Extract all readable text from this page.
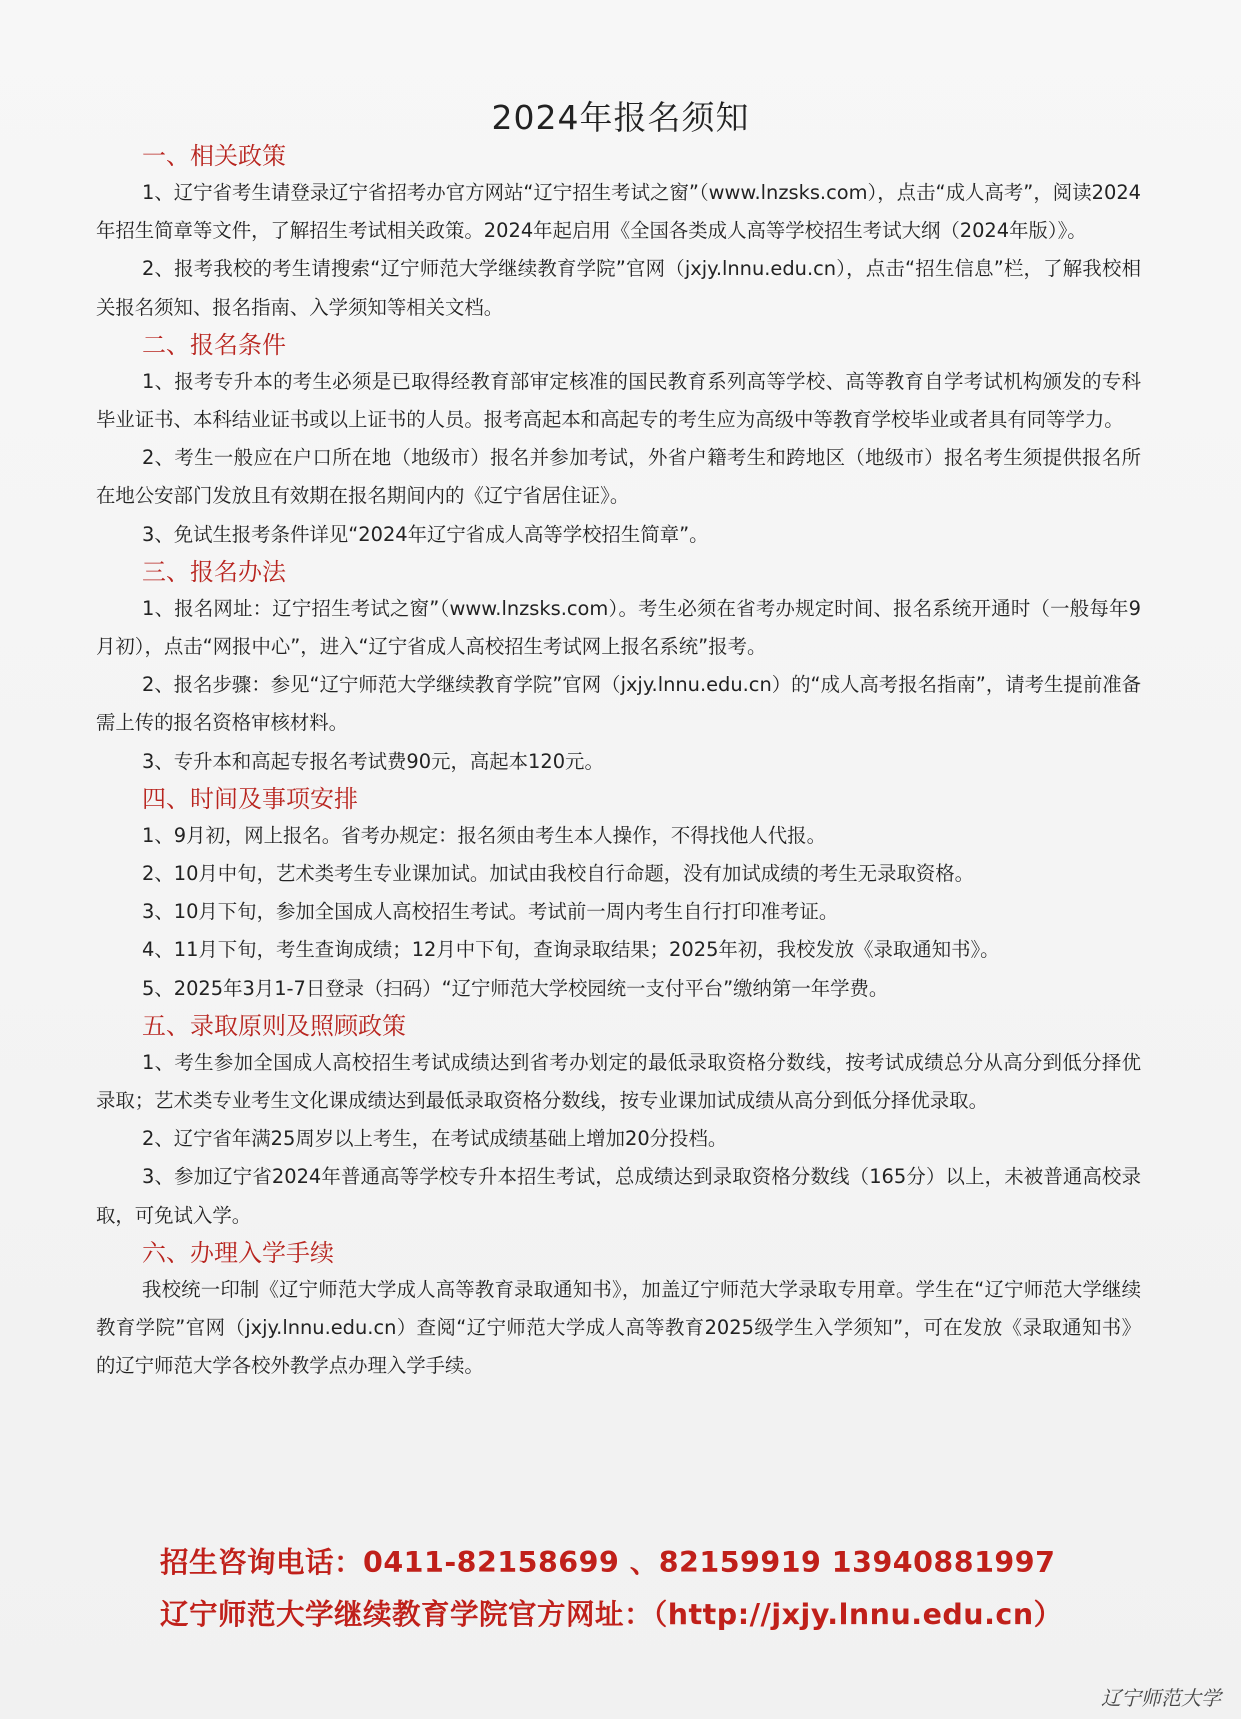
2024年报名须知
一、相关政策

1、辽宁省考生请登录辽宁省招考办官方网站“辽宁招生考试之窗”（www.lnzsks.com），点击“成人高考”，阅读2024年招生简章等文件，了解招生考试相关政策。2024年起启用《全国各类成人高等学校招生考试大纲（2024年版）》。

2、报考我校的考生请搜索“辽宁师范大学继续教育学院”官网（jxjy.lnnu.edu.cn），点击“招生信息”栏，了解我校相关报名须知、报名指南、入学须知等相关文档。

二、报名条件

1、报考专升本的考生必须是已取得经教育部审定核准的国民教育系列高等学校、高等教育自学考试机构颁发的专科毕业证书、本科结业证书或以上证书的人员。报考高起本和高起专的考生应为高级中等教育学校毕业或者具有同等学力。

2、考生一般应在户口所在地（地级市）报名并参加考试，外省户籍考生和跨地区（地级市）报名考生须提供报名所在地公安部门发放且有效期在报名期间内的《辽宁省居住证》。

3、免试生报考条件详见“2024年辽宁省成人高等学校招生简章”。

三、报名办法

1、报名网址：辽宁招生考试之窗”（www.lnzsks.com）。考生必须在省考办规定时间、报名系统开通时（一般每年9月初），点击“网报中心”，进入“辽宁省成人高校招生考试网上报名系统”报考。

2、报名步骤：参见“辽宁师范大学继续教育学院”官网（jxjy.lnnu.edu.cn）的“成人高考报名指南”，请考生提前准备需上传的报名资格审核材料。

3、专升本和高起专报名考试费90元，高起本120元。

四、时间及事项安排

1、9月初，网上报名。省考办规定：报名须由考生本人操作，不得找他人代报。

2、10月中旬，艺术类考生专业课加试。加试由我校自行命题，没有加试成绩的考生无录取资格。

3、10月下旬，参加全国成人高校招生考试。考试前一周内考生自行打印准考证。

4、11月下旬，考生查询成绩；12月中下旬，查询录取结果；2025年初，我校发放《录取通知书》。

5、2025年3月1-7日登录（扫码）“辽宁师范大学校园统一支付平台”缴纳第一年学费。

五、录取原则及照顾政策

1、考生参加全国成人高校招生考试成绩达到省考办划定的最低录取资格分数线，按考试成绩总分从高分到低分择优录取；艺术类专业考生文化课成绩达到最低录取资格分数线，按专业课加试成绩从高分到低分择优录取。

2、辽宁省年满25周岁以上考生，在考试成绩基础上增加20分投档。

3、参加辽宁省2024年普通高等学校专升本招生考试，总成绩达到录取资格分数线（165分）以上，未被普通高校录取，可免试入学。

六、办理入学手续

我校统一印制《辽宁师范大学成人高等教育录取通知书》，加盖辽宁师范大学录取专用章。学生在“辽宁师范大学继续教育学院”官网（jxjy.lnnu.edu.cn）查阅“辽宁师范大学成人高等教育2025级学生入学须知”，可在发放《录取通知书》的辽宁师范大学各校外教学点办理入学手续。

招生咨询电话：0411-82158699 、82159919 13940881997
辽宁师范大学继续教育学院官方网址：（http://jxjy.lnnu.edu.cn）
辽宁师范大学
